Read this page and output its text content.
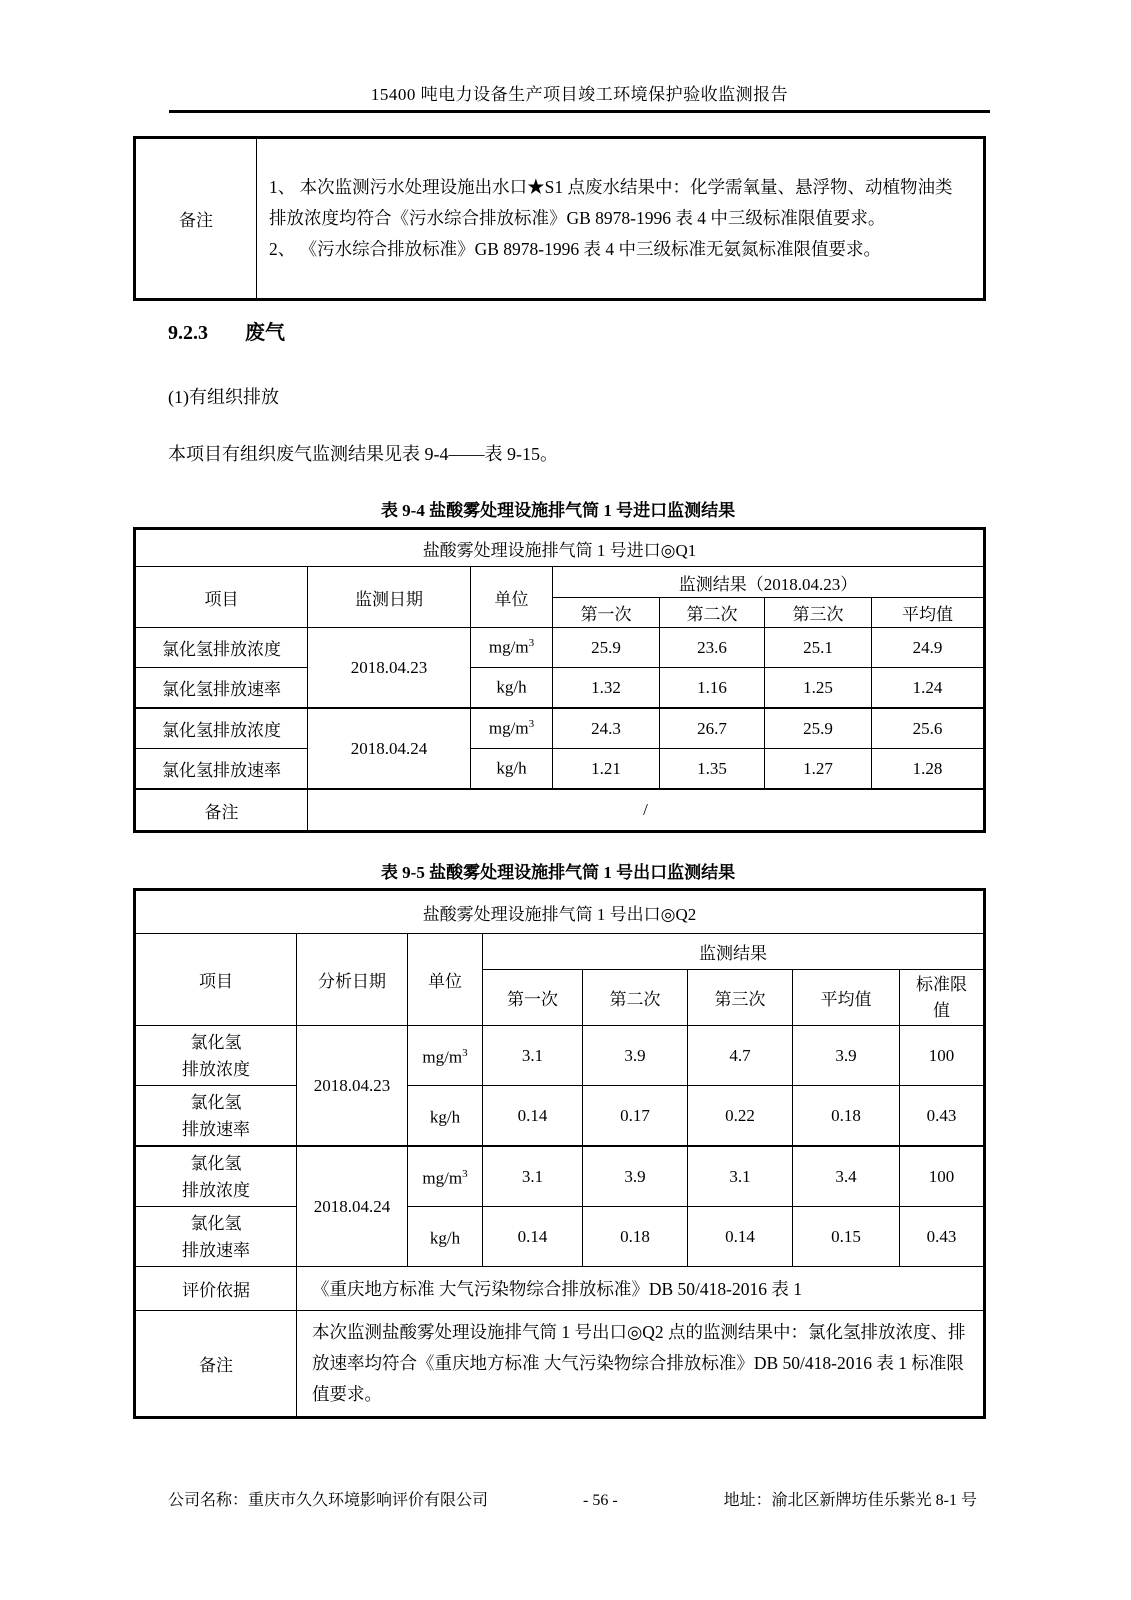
15400 吨电力设备生产项目竣工环境保护验收监测报告
备注	
1、 本次监测污水处理设施出水口★S1 点废水结果中：化学需氧量、悬浮物、动植物油类排放浓度均符合《污水综合排放标准》GB 8978-1996 表 4 中三级标准限值要求。
2、 《污水综合排放标准》GB 8978-1996 表 4 中三级标准无氨氮标准限值要求。
9.2.3 废气
(1)有组织排放
本项目有组织废气监测结果见表 9-4——表 9-15。
表 9-4 盐酸雾处理设施排气筒 1 号进口监测结果
盐酸雾处理设施排气筒 1 号进口◎Q1						
项目	监测日期	单位	监测结果（2018.04.23）			
			第一次	第二次	第三次	平均值
氯化氢排放浓度	2018.04.23	$mg/m^3$	25.9	23.6	25.1	24.9
氯化氢排放速率		kg/h	1.32	1.16	1.25	1.24
氯化氢排放浓度	2018.04.24	$mg/m^3$	24.3	26.7	25.9	25.6
氯化氢排放速率		kg/h	1.21	1.35	1.27	1.28
备注	/					
表 9-5 盐酸雾处理设施排气筒 1 号出口监测结果
盐酸雾处理设施排气筒 1 号出口◎Q2							
项目	分析日期	单位	监测结果				
			第一次	第二次	第三次	平均值	标准限值

氯化氢
排放浓度	2018.04.23	$mg/m^3$	3.1	3.9	4.7	3.9	100

氯化氢
排放速率		kg/h	0.14	0.17	0.22	0.18	0.43

氯化氢
排放浓度	2018.04.24	$mg/m^3$	3.1	3.9	3.1	3.4	100

氯化氢
排放速率		kg/h	0.14	0.18	0.14	0.15	0.43
评价依据	《重庆地方标准 大气污染物综合排放标准》DB 50/418-2016 表 1						
备注	本次监测盐酸雾处理设施排气筒 1 号出口◎Q2 点的监测结果中：氯化氢排放浓度、排放速率均符合《重庆地方标准 大气污染物综合排放标准》DB 50/418-2016 表 1 标准限值要求。						
公司名称：重庆市久久环境影响评价有限公司	- 56 -	地址：渝北区新牌坊佳乐紫光 8-1 号
